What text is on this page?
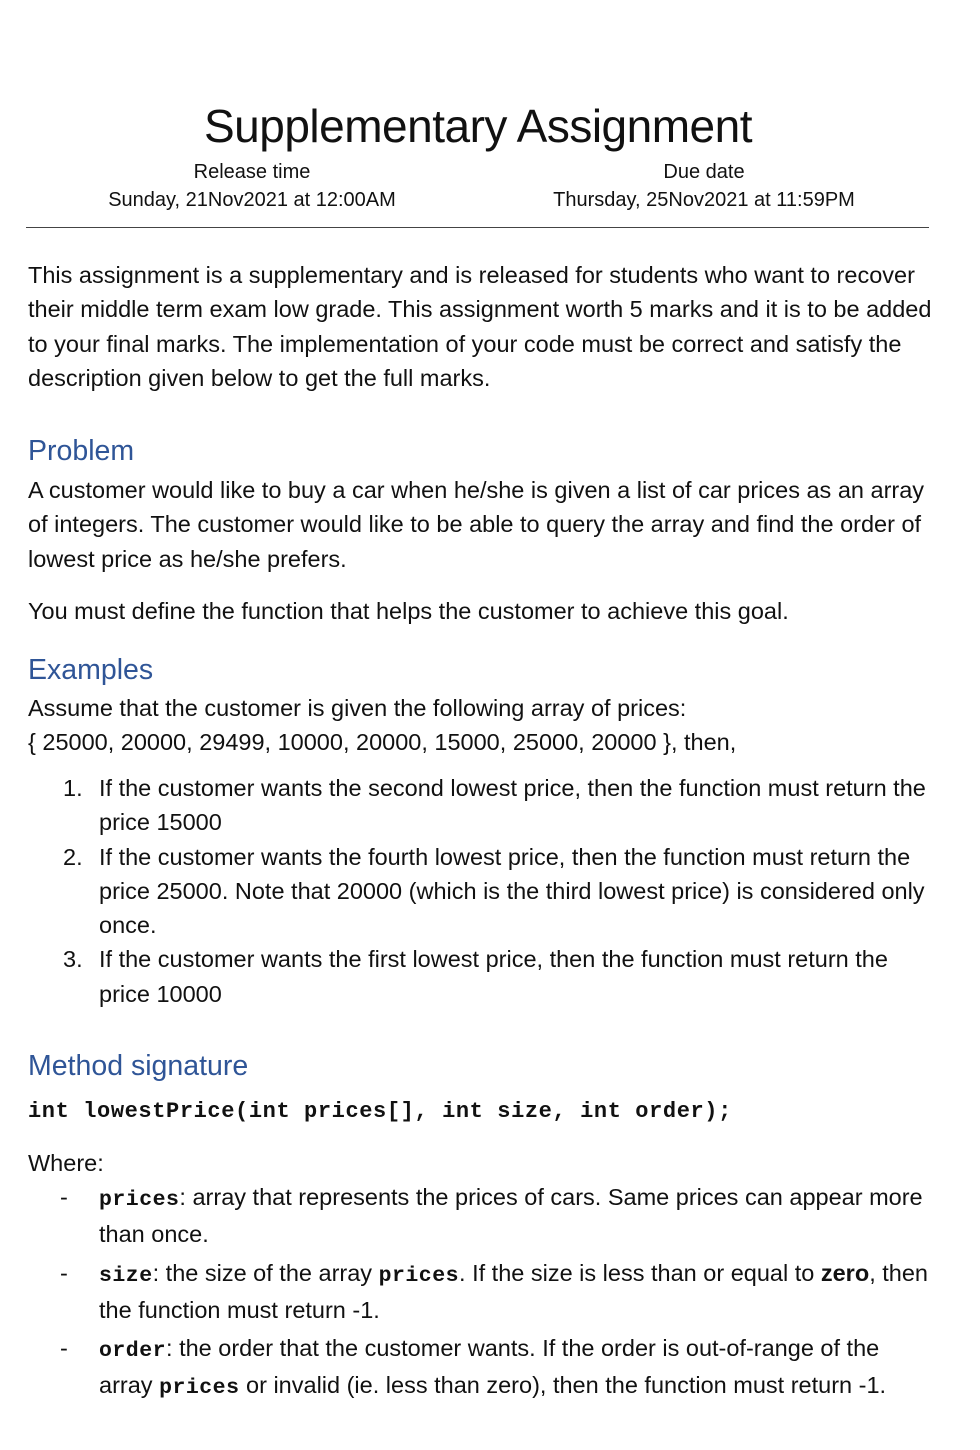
Supplementary Assignment
Release time
Sunday, 21Nov2021 at 12:00AM
Due date
Thursday, 25Nov2021 at 11:59PM

This assignment is a supplementary and is released for students who want to recover their middle term exam low grade. This assignment worth 5 marks and it is to be added to your final marks. The implementation of your code must be correct and satisfy the description given below to get the full marks.

Problem

A customer would like to buy a car when he/she is given a list of car prices as an array of integers. The customer would like to be able to query the array and find the order of lowest price as he/she prefers.

You must define the function that helps the customer to achieve this goal.

Examples
Assume that the customer is given the following array of prices:
{ 25000, 20000, 29499, 10000, 20000, 15000, 25000, 20000 }, then,
1. If the customer wants the second lowest price, then the function must return the price 15000
2. If the customer wants the fourth lowest price, then the function must return the price 25000. Note that 20000 (which is the third lowest price) is considered only once.
3. If the customer wants the first lowest price, then the function must return the price 10000
Method signature
int lowestPrice(int prices[], int size, int order);

Where:

- prices: array that represents the prices of cars. Same prices can appear more than once.
- size: the size of the array prices. If the size is less than or equal to zero, then the function must return -1.
- order: the order that the customer wants. If the order is out-of-range of the array prices or invalid (ie. less than zero), then the function must return -1.
